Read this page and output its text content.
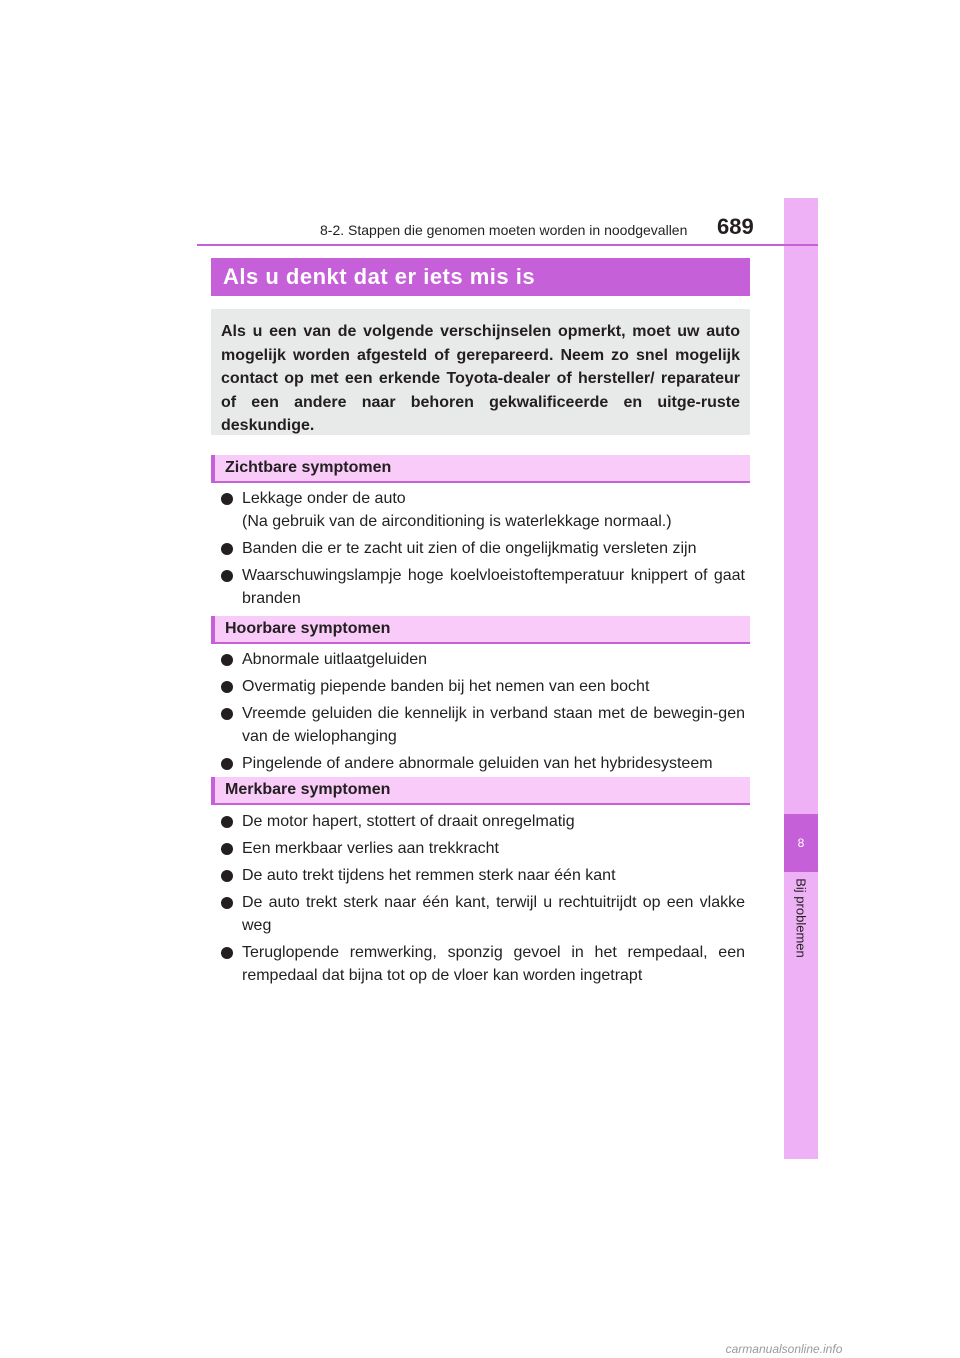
8
Bij problemen
8-2. Stappen die genomen moeten worden in noodgevallen 689
Als u denkt dat er iets mis is

Als u een van de volgende verschijnselen opmerkt, moet uw auto mogelijk worden afgesteld of gerepareerd. Neem zo snel mogelijk contact op met een erkende Toyota-dealer of hersteller/ reparateur of een andere naar behoren gekwalificeerde en uitge-ruste deskundige.

Zichtbare symptomen
Lekkage onder de auto
(Na gebruik van de airconditioning is waterlekkage normaal.)
Banden die er te zacht uit zien of die ongelijkmatig versleten zijn
Waarschuwingslampje hoge koelvloeistoftemperatuur knippert of gaat branden
Hoorbare symptomen
Abnormale uitlaatgeluiden
Overmatig piepende banden bij het nemen van een bocht
Vreemde geluiden die kennelijk in verband staan met de bewegin-gen van de wielophanging
Pingelende of andere abnormale geluiden van het hybridesysteem
Merkbare symptomen
De motor hapert, stottert of draait onregelmatig
Een merkbaar verlies aan trekkracht
De auto trekt tijdens het remmen sterk naar één kant
De auto trekt sterk naar één kant, terwijl u rechtuitrijdt op een vlakke weg
Teruglopende remwerking, sponzig gevoel in het rempedaal, een rempedaal dat bijna tot op de vloer kan worden ingetrapt
carmanualsonline.info
